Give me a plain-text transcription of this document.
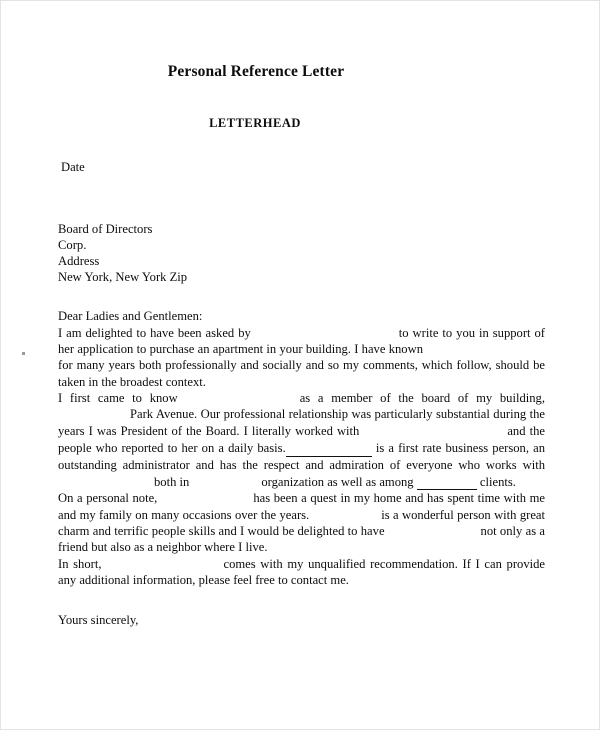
Personal Reference Letter
LETTERHEAD
Date
Board of Directors
Corp.
Address
New York, New York Zip
Dear Ladies and Gentlemen:

I am delighted to have been asked by	to write to you in support of her application to purchase an apartment in your building. I have known for many years both professionally and socially and so my comments, which follow, should be taken in the broadest context.

I first came to know	as a member of the board of my building, Park Avenue. Our professional relationship was particularly substantial during the years I was President of the Board. I literally worked with	and the people who reported to her on a daily basis.	is a first rate business person, an outstanding administrator and has the respect and admiration of everyone who works with both in	organization as well as among	clients.

On a personal note,	has been a quest in my home and has spent time with me and my family on many occasions over the years.	is a wonderful person with great charm and terrific people skills and I would be delighted to have	not only as a friend but also as a neighbor where I live.

In short,	comes with my unqualified recommendation. If I can provide any additional information, please feel free to contact me.

Yours sincerely,
